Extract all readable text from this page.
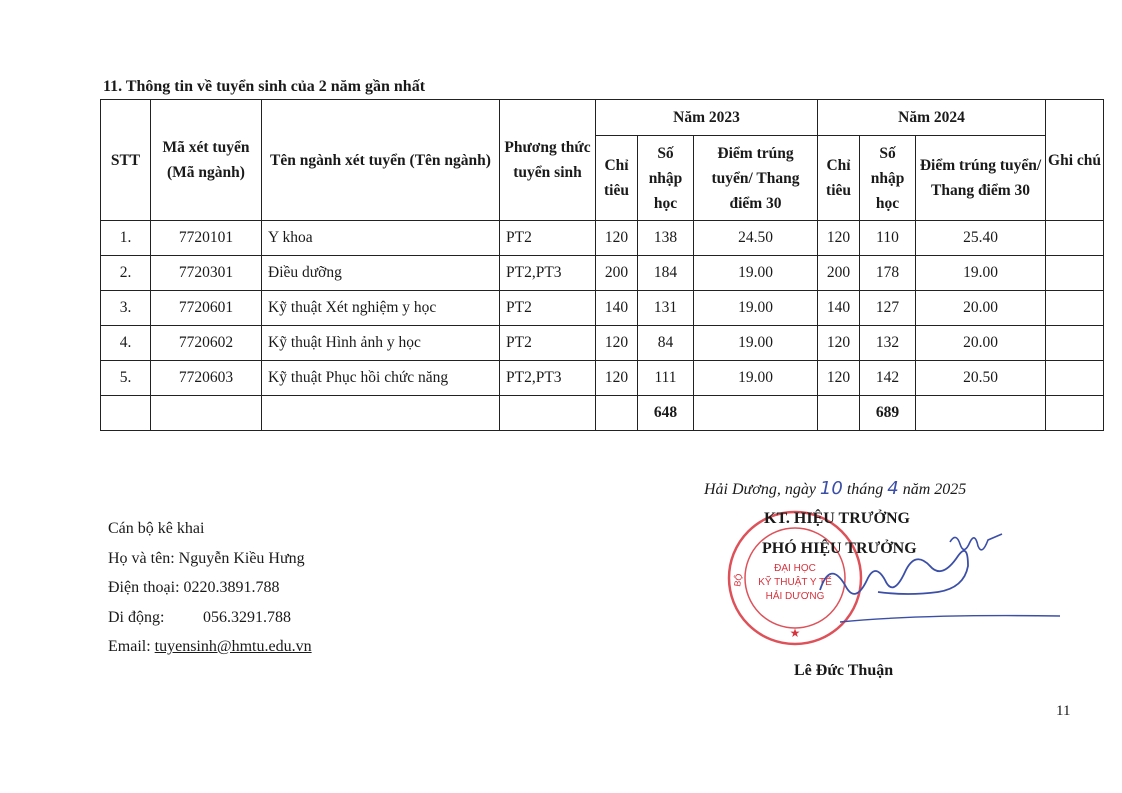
11. Thông tin về tuyển sinh của 2 năm gần nhất
STT	Mã xét tuyển (Mã ngành)	Tên ngành xét tuyển (Tên ngành)	Phương thức tuyển sinh	Năm 2023			Năm 2024			Ghi chú
				Chỉ tiêu	Số nhập học	Điểm trúng tuyển/ Thang điểm 30	Chỉ tiêu	Số nhập học	Điểm trúng tuyển/ Thang điểm 30	
1.	7720101	Y khoa	PT2	120	138	24.50	120	110	25.40	
2.	7720301	Điều dưỡng	PT2,PT3	200	184	19.00	200	178	19.00	
3.	7720601	Kỹ thuật Xét nghiệm y học	PT2	140	131	19.00	140	127	20.00	
4.	7720602	Kỹ thuật Hình ảnh y học	PT2	120	84	19.00	120	132	20.00	
5.	7720603	Kỹ thuật Phục hồi chức năng	PT2,PT3	120	111	19.00	120	142	20.50	
					648			689		
ĐẠI HỌC
KỸ THUẬT Y TẾ
HẢI DƯƠNG
★
BỘ
Hải Dương, ngày 10 tháng 4 năm 2025
KT. HIỆU TRƯỞNG
PHÓ HIỆU TRƯỞNG
Lê Đức Thuận
Cán bộ kê khai
Họ và tên: Nguyễn Kiều Hưng
Điện thoại: 0220.3891.788
Di động: 056.3291.788
Email: tuyensinh@hmtu.edu.vn
11
